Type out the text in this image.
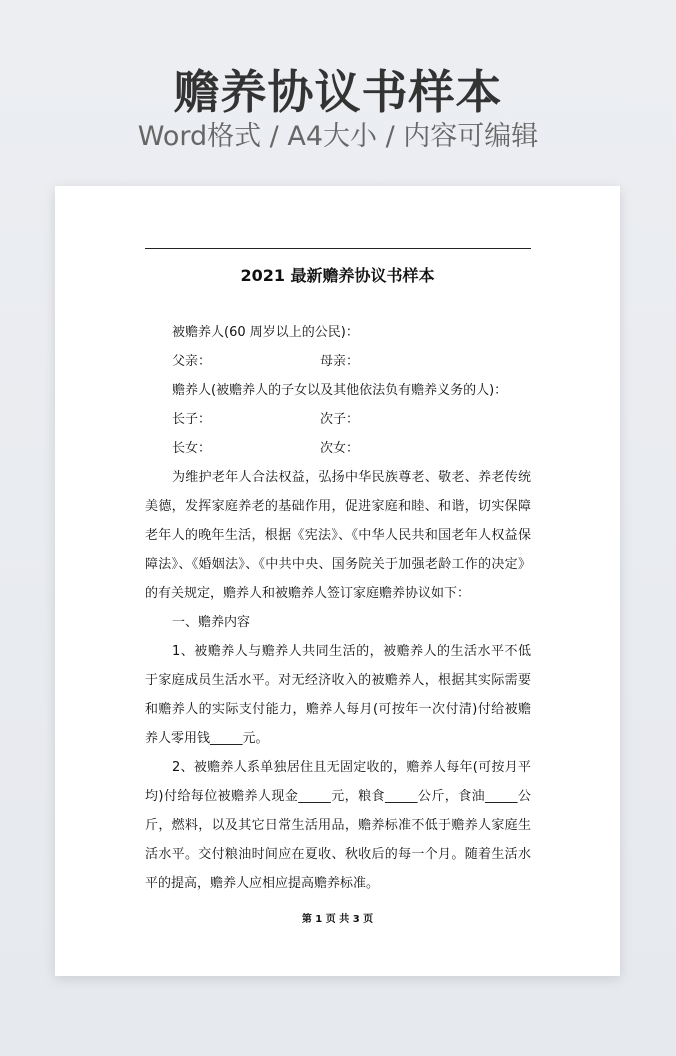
赡养协议书样本
Word格式 / A4大小 / 内容可编辑
2021 最新赡养协议书样本
被赡养人(60 周岁以上的公民)：
父亲：	母亲：
赡养人(被赡养人的子女以及其他依法负有赡养义务的人)：
长子：	次子：
长女：	次女：

为维护老年人合法权益，弘扬中华民族尊老、敬老、养老传统美德，发挥家庭养老的基础作用，促进家庭和睦、和谐，切实保障老年人的晚年生活，根据《宪法》、《中华人民共和国老年人权益保障法》、《婚姻法》、《中共中央、国务院关于加强老龄工作的决定》的有关规定，赡养人和被赡养人签订家庭赡养协议如下：

一、赡养内容

1、被赡养人与赡养人共同生活的，被赡养人的生活水平不低于家庭成员生活水平。对无经济收入的被赡养人，根据其实际需要和赡养人的实际支付能力，赡养人每月(可按年一次付清)付给被赡养人零用钱_____元。

2、被赡养人系单独居住且无固定收的，赡养人每年(可按月平均)付给每位被赡养人现金_____元，粮食_____公斤，食油_____公斤，燃料，以及其它日常生活用品，赡养标准不低于赡养人家庭生活水平。交付粮油时间应在夏收、秋收后的每一个月。随着生活水平的提高，赡养人应相应提高赡养标准。

第 1 页 共 3 页
